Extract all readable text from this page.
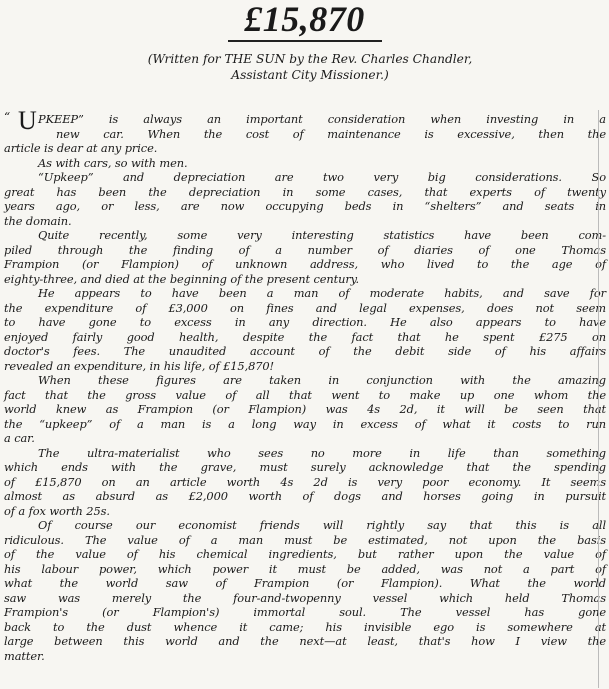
£15,870
(Written for THE SUN by the Rev. Charles Chandler,
Assistant City Missioner.)
“ U PKEEP” is always an important consideration when investing in a
new car. When the cost of maintenance is excessive, then the
article is dear at any price.
As with cars, so with men.
“Upkeep” and depreciation are two very big considerations. So
great has been the depreciation in some cases, that experts of twenty
years ago, or less, are now occupying beds in “shelters” and seats in
the domain.
Quite recently, some very interesting statistics have been com-
piled through the finding of a number of diaries of one Thomas
Frampion (or Flampion) of unknown address, who lived to the age of
eighty-three, and died at the beginning of the present century.
He appears to have been a man of moderate habits, and save for
the expenditure of £3,000 on fines and legal expenses, does not seem
to have gone to excess in any direction. He also appears to have
enjoyed fairly good health, despite the fact that he spent £275 on
doctor's fees. The unaudited account of the debit side of his affairs
revealed an expenditure, in his life, of £15,870!
When these figures are taken in conjunction with the amazing
fact that the gross value of all that went to make up one whom the
world knew as Frampion (or Flampion) was 4s 2d, it will be seen that
the “upkeep” of a man is a long way in excess of what it costs to run
a car.
The ultra-materialist who sees no more in life than something
which ends with the grave, must surely acknowledge that the spending
of £15,870 on an article worth 4s 2d is very poor economy. It seems
almost as absurd as £2,000 worth of dogs and horses going in pursuit
of a fox worth 25s.
Of course our economist friends will rightly say that this is all
ridiculous. The value of a man must be estimated, not upon the basis
of the value of his chemical ingredients, but rather upon the value of
his labour power, which power it must be added, was not a part of
what the world saw of Frampion (or Flampion). What the world
saw was merely the four-and-twopenny vessel which held Thomas
Frampion's (or Flampion's) immortal soul. The vessel has gone
back to the dust whence it came; his invisible ego is somewhere at
large between this world and the next—at least, that's how I view the
matter.
